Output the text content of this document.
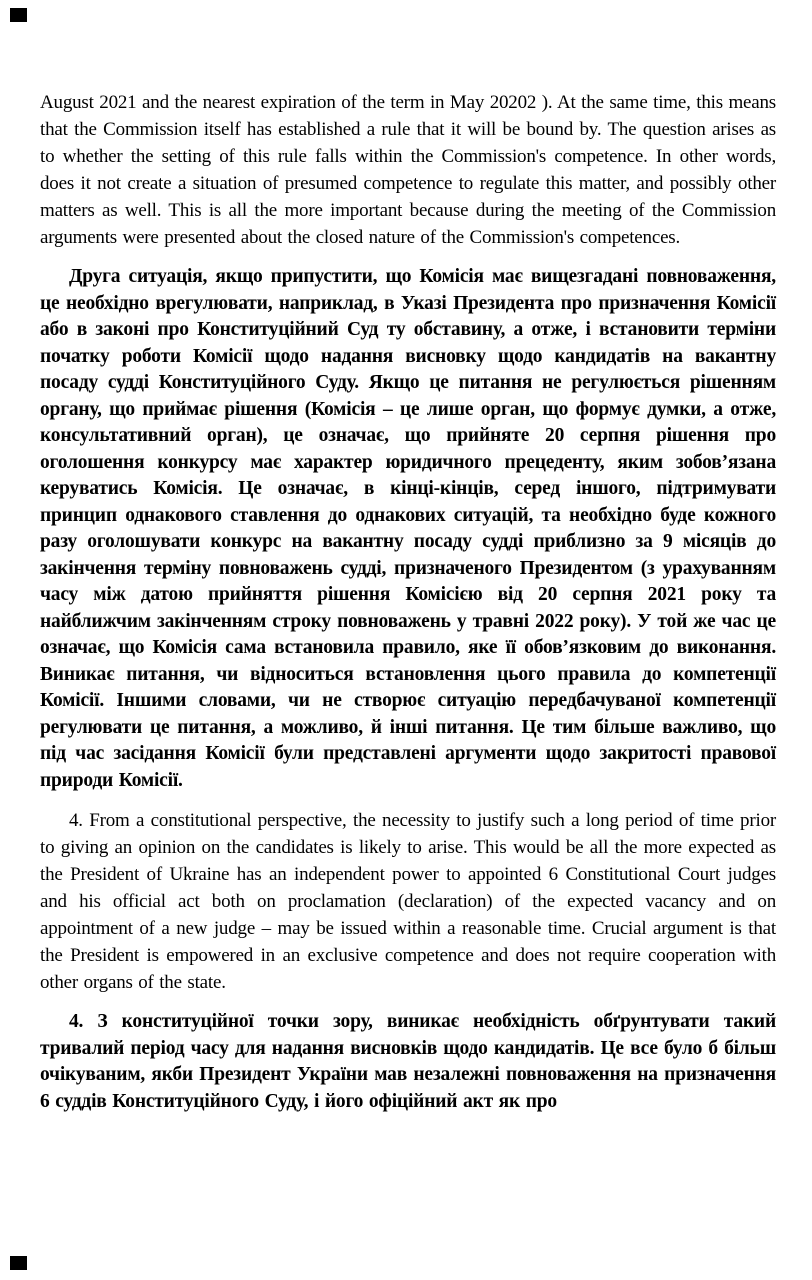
August 2021 and the nearest expiration of the term in May 20202 ). At the same time, this means that the Commission itself has established a rule that it will be bound by. The question arises as to whether the setting of this rule falls within the Commission's competence. In other words, does it not create a situation of presumed competence to regulate this matter, and possibly other matters as well. This is all the more important because during the meeting of the Commission arguments were presented about the closed nature of the Commission's competences.

Друга ситуація, якщо припустити, що Комісія має вищезгадані повноваження, це необхідно врегулювати, наприклад, в Указі Президента про призначення Комісії або в законі про Конституційний Суд ту обставину, а отже, і встановити терміни початку роботи Комісії щодо надання висновку щодо кандидатів на вакантну посаду судді Конституційного Суду. Якщо це питання не регулюється рішенням органу, що приймає рішення (Комісія – це лише орган, що формує думки, а отже, консультативний орган), це означає, що прийняте 20 серпня рішення про оголошення конкурсу має характер юридичного прецеденту, яким зобов’язана керуватись Комісія. Це означає, в кінці-кінців, серед іншого, підтримувати принцип однакового ставлення до однакових ситуацій, та необхідно буде кожного разу оголошувати конкурс на вакантну посаду судді приблизно за 9 місяців до закінчення терміну повноважень судді, призначеного Президентом (з урахуванням часу між датою прийняття рішення Комісією від 20 серпня 2021 року та найближчим закінченням строку повноважень у травні 2022 року). У той же час це означає, що Комісія сама встановила правило, яке її обов’язковим до виконання. Виникає питання, чи відноситься встановлення цього правила до компетенції Комісії. Іншими словами, чи не створює ситуацію передбачуваної компетенції регулювати це питання, а можливо, й інші питання. Це тим більше важливо, що під час засідання Комісії були представлені аргументи щодо закритості правової природи Комісії.

4. From a constitutional perspective, the necessity to justify such a long period of time prior to giving an opinion on the candidates is likely to arise. This would be all the more expected as the President of Ukraine has an independent power to appointed 6 Constitutional Court judges and his official act both on proclamation (declaration) of the expected vacancy and on appointment of a new judge – may be issued within a reasonable time. Crucial argument is that the President is empowered in an exclusive competence and does not require cooperation with other organs of the state.

4. З конституційної точки зору, виникає необхідність обґрунтувати такий тривалий період часу для надання висновків щодо кандидатів. Це все було б більш очікуваним, якби Президент України мав незалежні повноваження на призначення 6 суддів Конституційного Суду, і його офіційний акт як про
